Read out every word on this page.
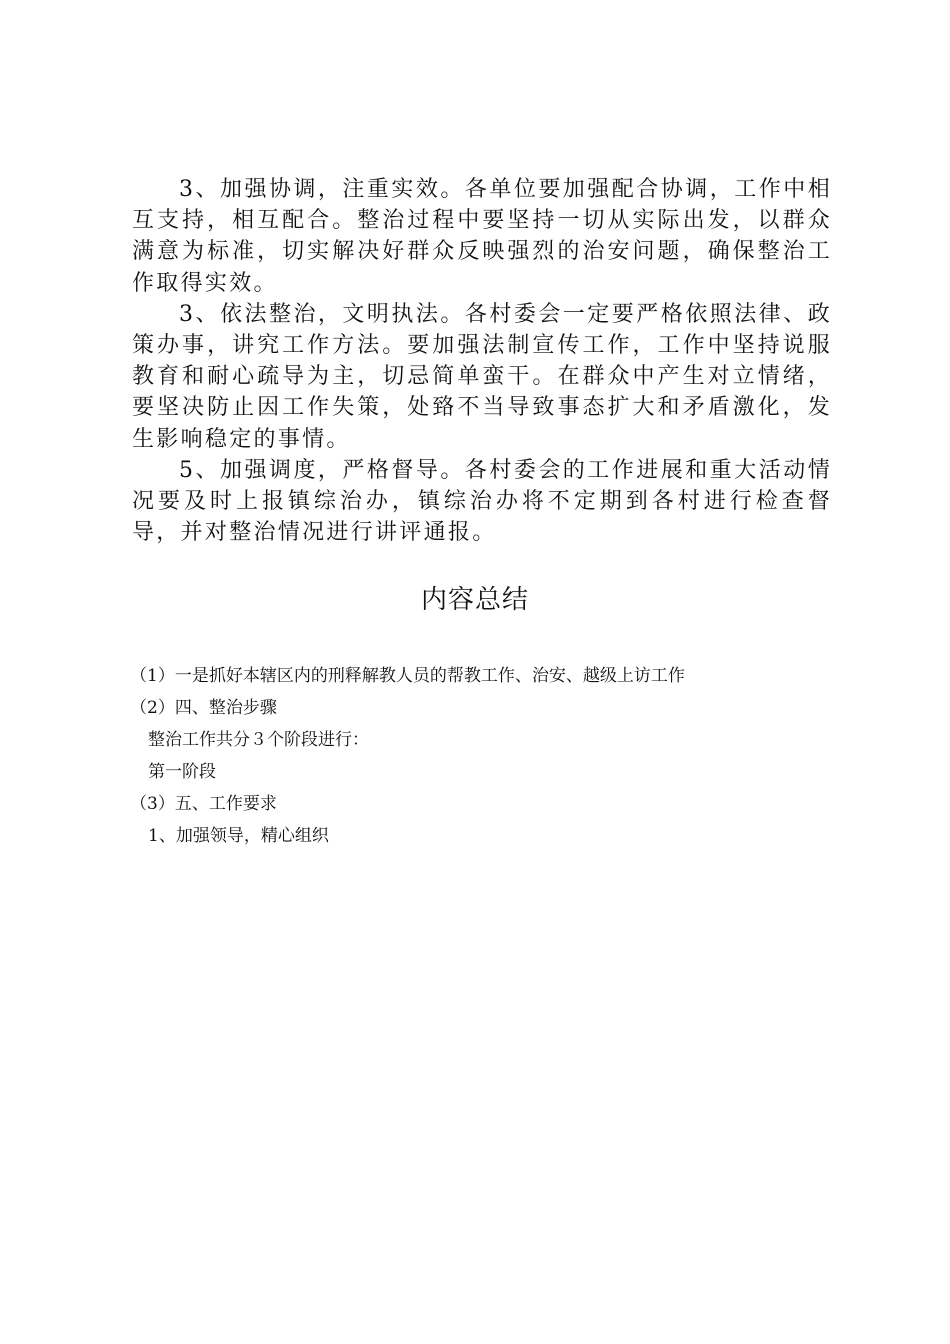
3、加强协调，注重实效。各单位要加强配合协调，工作中相互支持，相互配合。整治过程中要坚持一切从实际出发，以群众满意为标准，切实解决好群众反映强烈的治安问题，确保整治工作取得实效。

3、依法整治，文明执法。各村委会一定要严格依照法律、政策办事，讲究工作方法。要加强法制宣传工作，工作中坚持说服教育和耐心疏导为主，切忌简单蛮干。在群众中产生对立情绪，要坚决防止因工作失策，处臵不当导致事态扩大和矛盾激化，发生影响稳定的事情。

5、加强调度，严格督导。各村委会的工作进展和重大活动情况要及时上报镇综治办，镇综治办将不定期到各村进行检查督导，并对整治情况进行讲评通报。

内容总结
（1）一是抓好本辖区内的刑释解教人员的帮教工作、治安、越级上访工作
（2）四、整治步骤
整治工作共分３个阶段进行：
第一阶段
（3）五、工作要求
1、加强领导，精心组织
